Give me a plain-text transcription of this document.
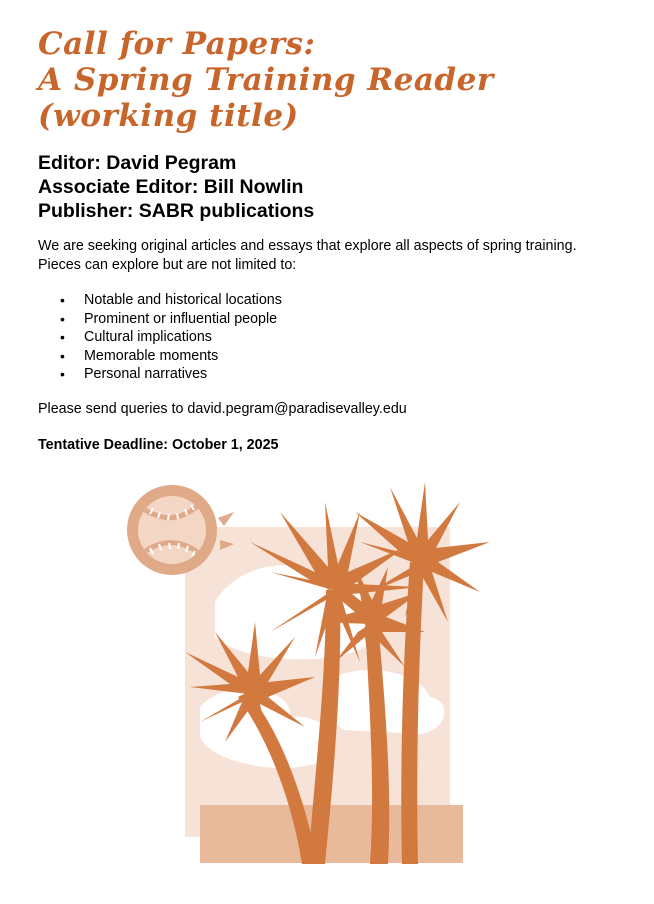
Call for Papers:
A Spring Training Reader
(working title)
Editor: David Pegram
Associate Editor: Bill Nowlin
Publisher: SABR publications

We are seeking original articles and essays that explore all aspects of spring training.
Pieces can explore but are not limited to:

• Notable and historical locations
• Prominent or influential people
• Cultural implications
• Memorable moments
• Personal narratives

Please send queries to david.pegram@paradisevalley.edu

Tentative Deadline: October 1, 2025
